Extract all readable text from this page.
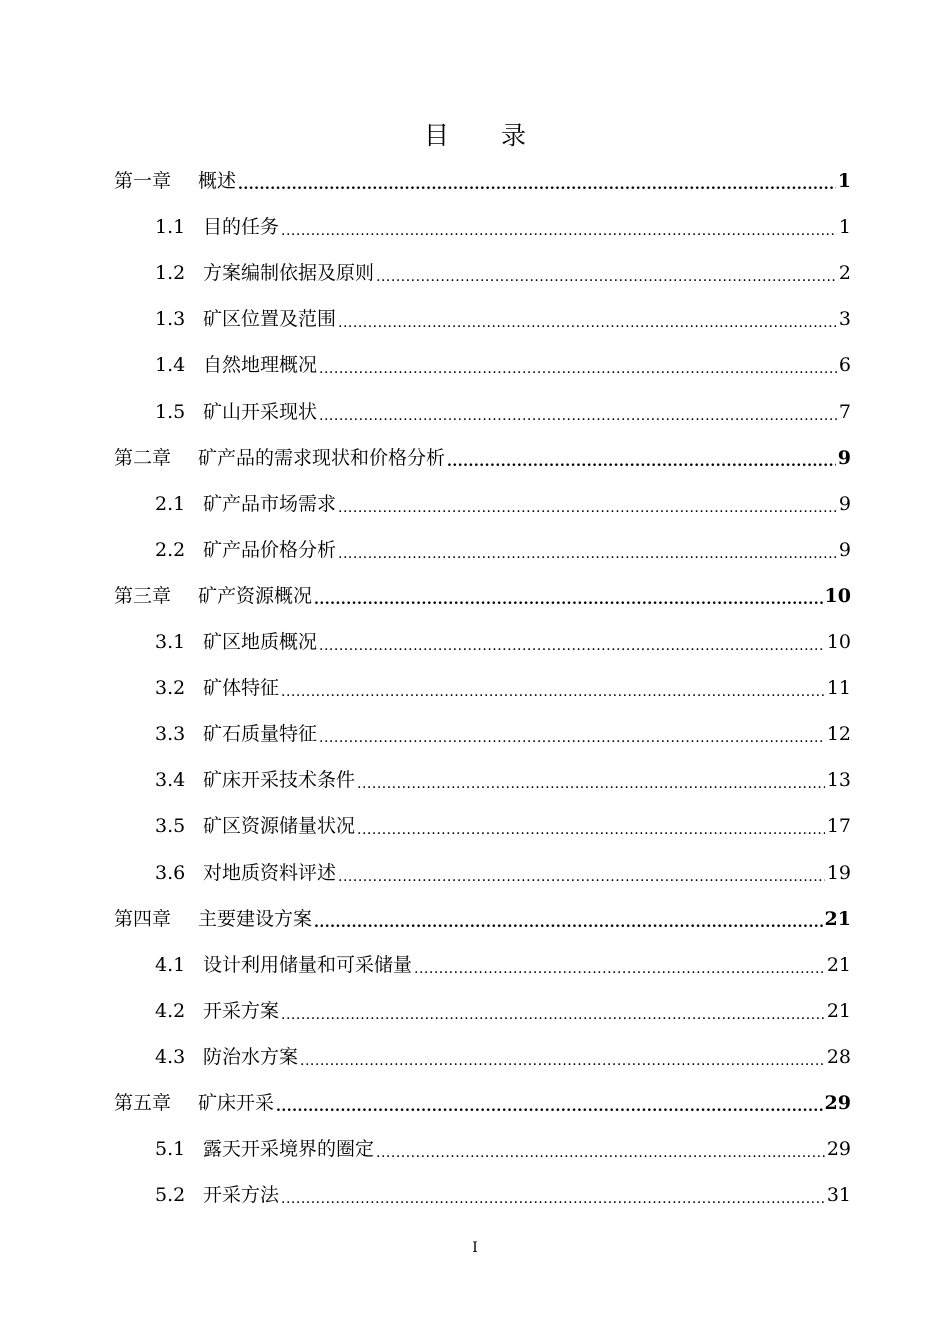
目 录
第一章	概述 .....	1
1.1 目的任务 .....	1
1.2 方案编制依据及原则 .....	2
1.3 矿区位置及范围 .....	3
1.4 自然地理概况 .....	6
1.5 矿山开采现状 .....	7
第二章	矿产品的需求现状和价格分析 .....	9
2.1 矿产品市场需求 .....	9
2.2 矿产品价格分析 .....	9
第三章	矿产资源概况 .....	10
3.1 矿区地质概况 .....	10
3.2 矿体特征 .....	11
3.3 矿石质量特征 .....	12
3.4 矿床开采技术条件 .....	13
3.5 矿区资源储量状况 .....	17
3.6 对地质资料评述 .....	19
第四章	主要建设方案 .....	21
4.1 设计利用储量和可采储量 .....	21
4.2 开采方案 .....	21
4.3 防治水方案 .....	28
第五章	矿床开采 .....	29
5.1 露天开采境界的圈定 .....	29
5.2 开采方法 .....	31
I
